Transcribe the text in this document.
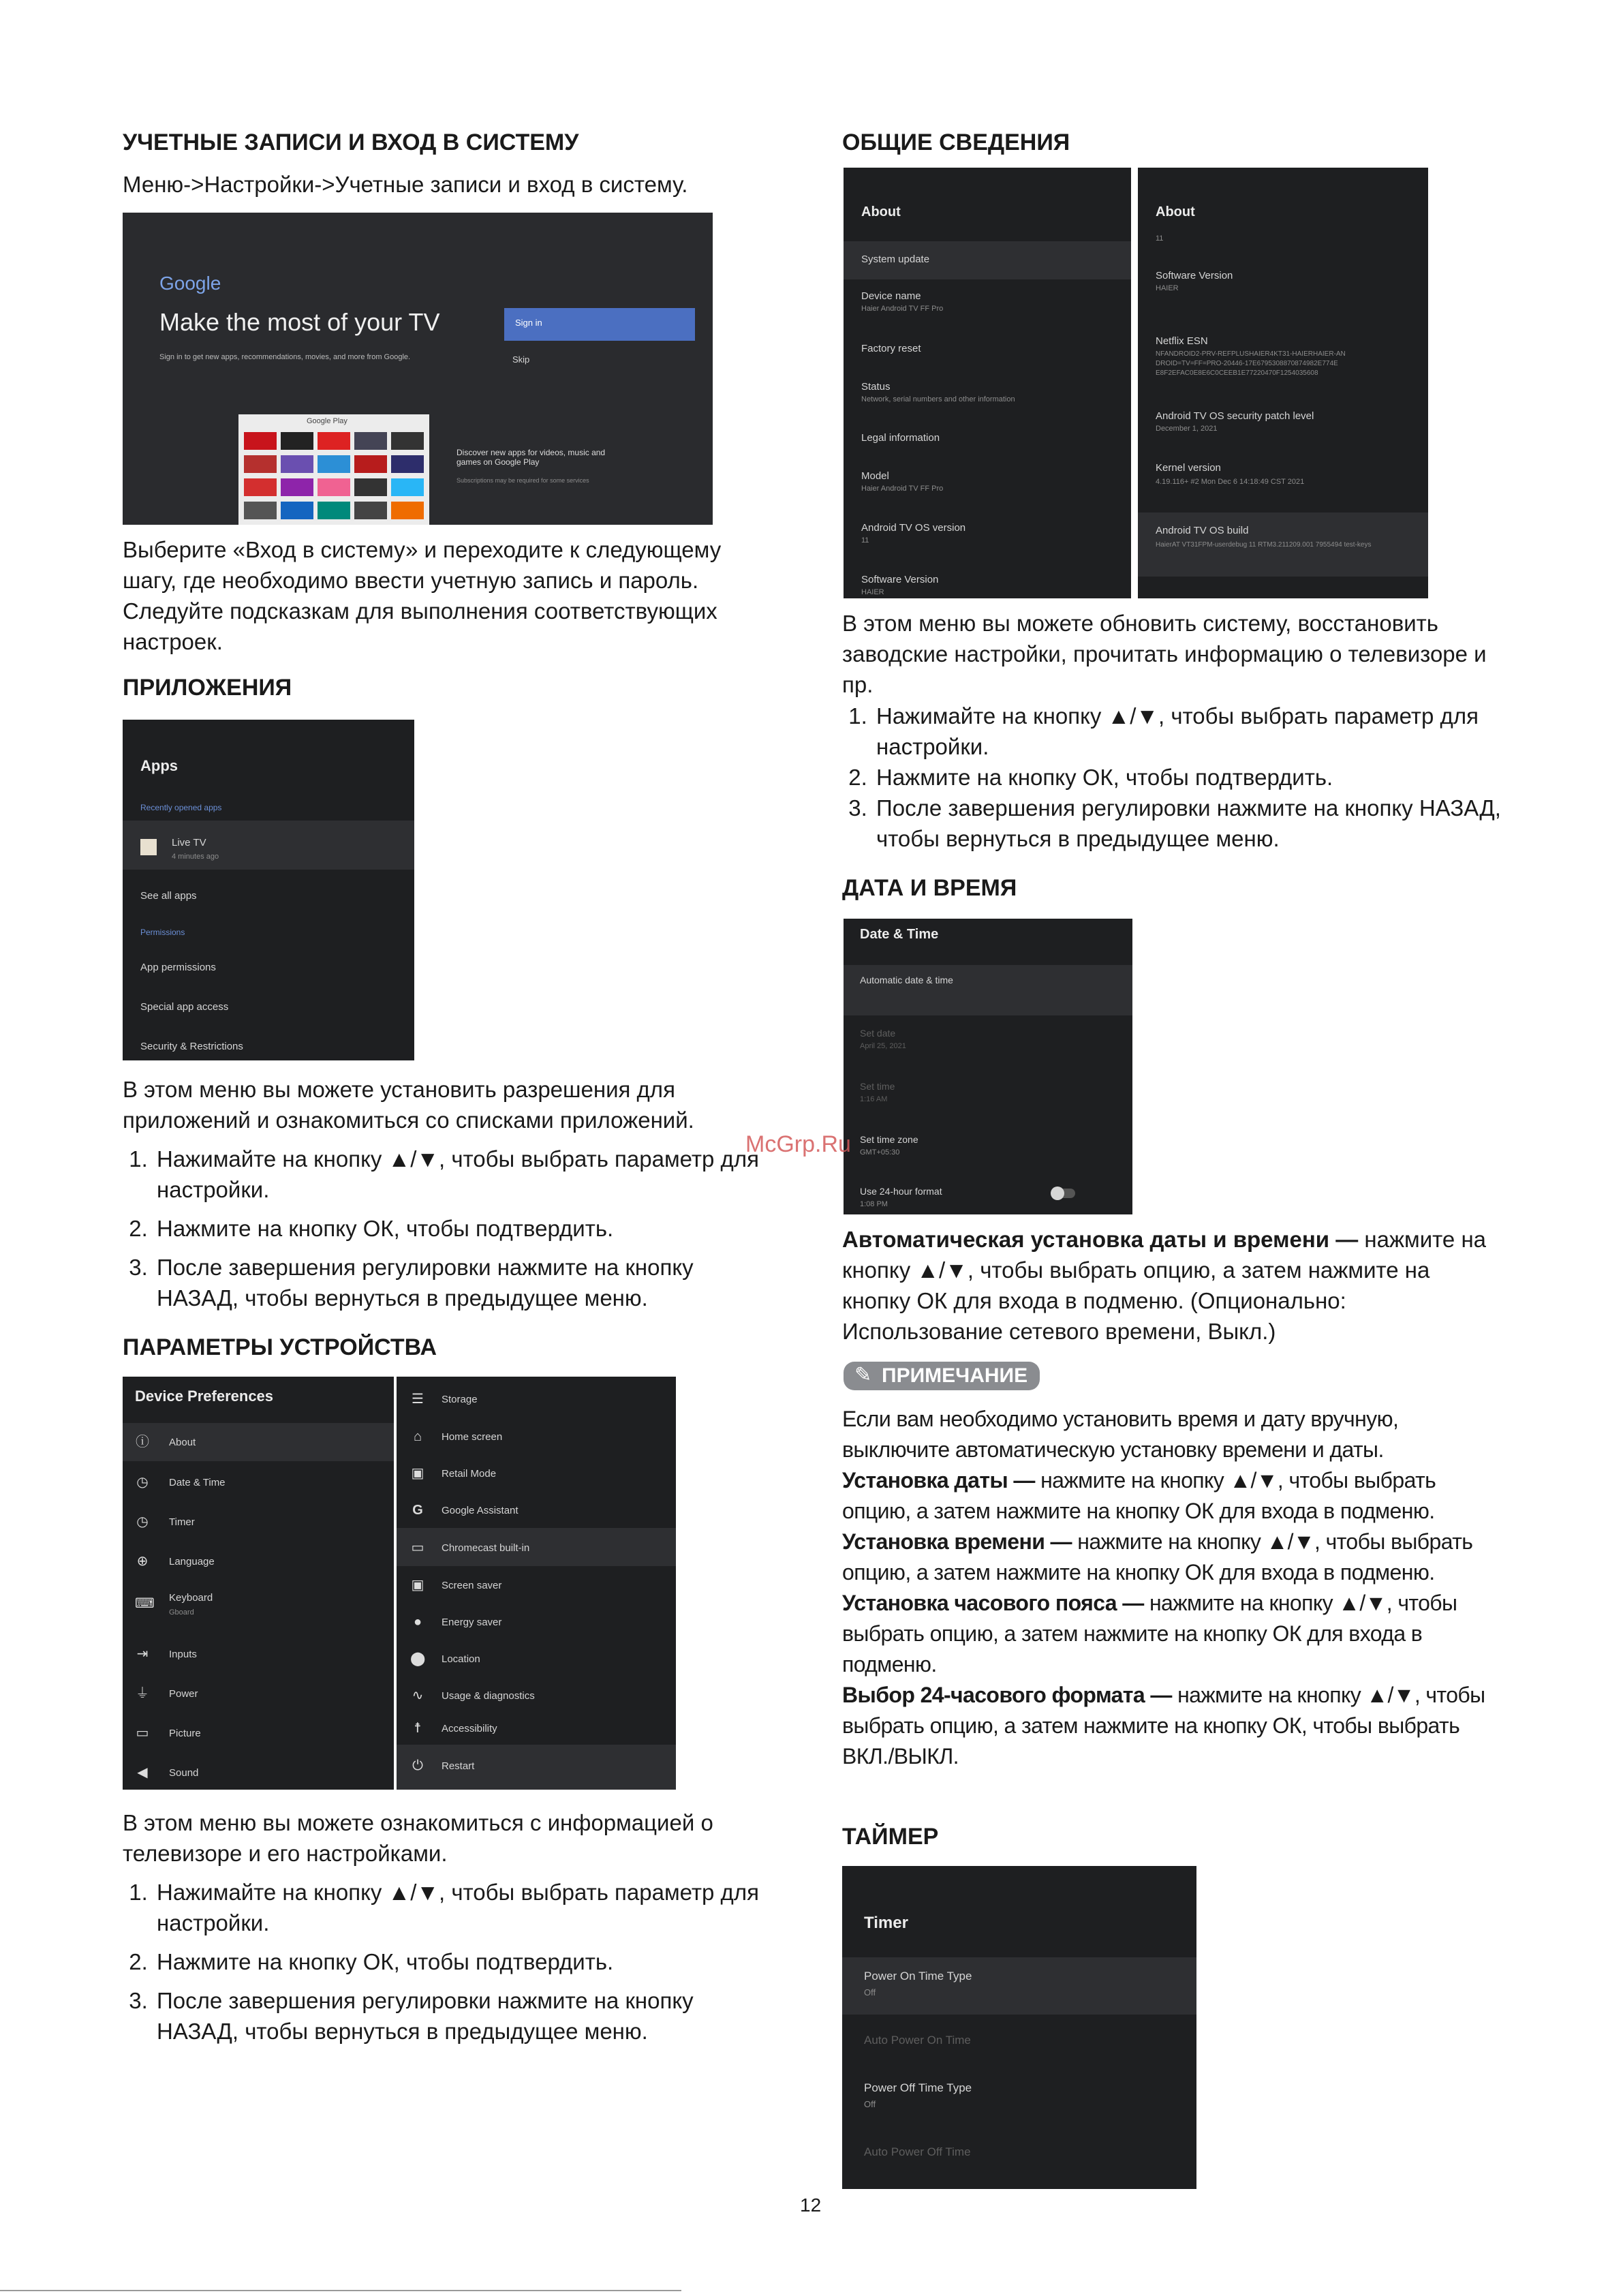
УЧЕТНЫЕ ЗАПИСИ И ВХОД В СИСТЕМУ

Меню->Настройки->Учетные записи и вход в систему.

Google
Make the most of your TV
Sign in to get new apps, recommendations, movies, and more from Google.
Sign in
Skip
Google Play
Discover new apps for videos, music and games on Google Play
Subscriptions may be required for some services

Выберите «Вход в систему» и переходите к следующему шагу, где необходимо ввести учетную запись и пароль. Следуйте подсказкам для выполнения соответствующих настроек.

ПРИЛОЖЕНИЯ
Apps
Recently opened apps
Live TV
4 minutes ago
See all apps
Permissions
App permissions
Special app access
Security & Restrictions

В этом меню вы можете установить разрешения для приложений и ознакомиться со списками приложений.

1. Нажимайте на кнопку ▲/▼, чтобы выбрать параметр для настройки.
2. Нажмите на кнопку ОК, чтобы подтвердить.
3. После завершения регулировки нажмите на кнопку НАЗАД, чтобы вернуться в предыдущее меню.
ПАРАМЕТРЫ УСТРОЙСТВА
Device Preferences
ⓘ About
◷ Date & Time
◷ Timer
⊕ Language
⌨ Keyboard
Gboard
⇥ Inputs
⏚ Power
▭ Picture
◀ Sound
☰ Storage
⌂	Home screen
▣ Retail Mode
G Google Assistant
▭ Chromecast built-in
▣ Screen saver
●	Energy saver
⬤ Location
∿ Usage & diagnostics
☨	Accessibility
⏻ Restart

В этом меню вы можете ознакомиться с информацией о телевизоре и его настройками.

1. Нажимайте на кнопку ▲/▼, чтобы выбрать параметр для настройки.
2. Нажмите на кнопку ОК, чтобы подтвердить.
3. После завершения регулировки нажмите на кнопку НАЗАД, чтобы вернуться в предыдущее меню.
ОБЩИЕ СВЕДЕНИЯ
About
System update
Device name
Haier Android TV FF Pro
Factory reset
Status
Network, serial numbers and other information
Legal information
Model
Haier Android TV FF Pro
Android TV OS version
11
Software Version
HAIER
About
11
Software Version
HAIER
Netflix ESN
NFANDROID2-PRV-REFPLUSHAIER4KT31-HAIERHAIER-AN DROID=TV=FF=PRO-20446-17E6795308870874982E774E E8F2EFAC0E8E6C0CEEB1E77220470F1254035608
Android TV OS security patch level
December 1, 2021
Kernel version
4.19.116+ #2 Mon Dec 6 14:18:49 CST 2021
Android TV OS build
HaierAT VT31FPM-userdebug 11 RTM3.211209.001 7955494 test-keys

В этом меню вы можете обновить систему, восстановить заводские настройки, прочитать информацию о телевизоре и пр.

1. Нажимайте на кнопку ▲/▼, чтобы выбрать параметр для настройки.
2. Нажмите на кнопку ОК, чтобы подтвердить.
3. После завершения регулировки нажмите на кнопку НАЗАД, чтобы вернуться в предыдущее меню.
ДАТА И ВРЕМЯ
Date & Time
Automatic date & time
Set date
April 25, 2021
Set time
1:16 AM
Set time zone
GMT+05:30
Use 24-hour format
1:08 PM

Автоматическая установка даты и времени — нажмите на кнопку ▲/▼, чтобы выбрать опцию, а затем нажмите на кнопку ОК для входа в подменю. (Опционально: Использование сетевого времени, Выкл.)

✎ ПРИМЕЧАНИЕ
Если вам необходимо установить время и дату вручную, выключите автоматическую установку времени и даты.
Установка даты — нажмите на кнопку ▲/▼, чтобы выбрать опцию, а затем нажмите на кнопку ОК для входа в подменю.
Установка времени — нажмите на кнопку ▲/▼, чтобы выбрать опцию, а затем нажмите на кнопку ОК для входа в подменю.
Установка часового пояса — нажмите на кнопку ▲/▼, чтобы выбрать опцию, а затем нажмите на кнопку ОК для входа в подменю.
Выбор 24-часового формата — нажмите на кнопку ▲/▼, чтобы выбрать опцию, а затем нажмите на кнопку ОК, чтобы выбрать ВКЛ./ВЫКЛ.
ТАЙМЕР
Timer
Power On Time Type
Off
Auto Power On Time
Power Off Time Type
Off
Auto Power Off Time
McGrp.Ru
12
